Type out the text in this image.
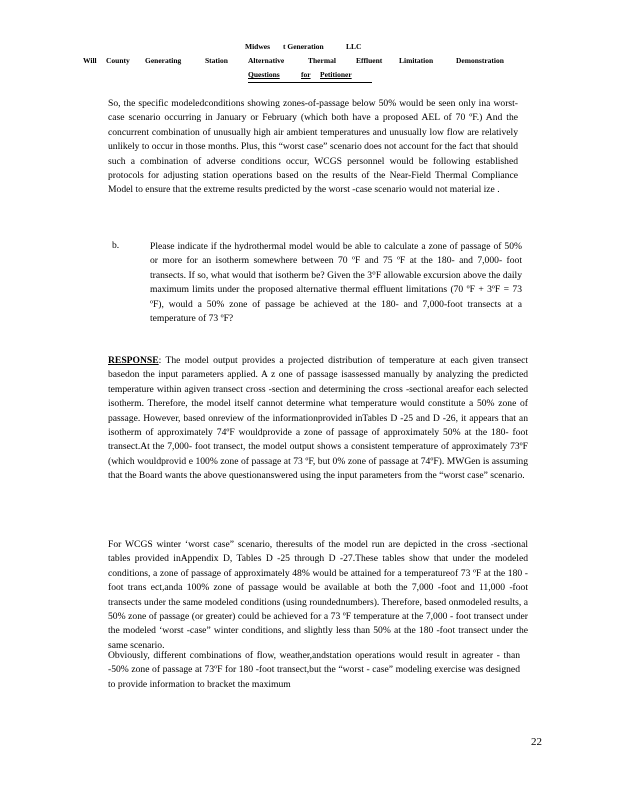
Midwes t Generation	LLC
Will County Generating	Station	Alternative	Thermal	Effluent Limitation	Demonstration
Questions	for Petitioner
So, the specific modeledconditions showing zones-of-passage below 50% would be seen only ina worst- case scenario occurring in January or February (which both have a proposed AEL of 70 ºF.) And the concurrent combination of unusually high air ambient temperatures and unusually low flow are relatively unlikely to occur in those months. Plus, this “worst case” scenario does not account for the fact that should such a combination of adverse conditions occur, WCGS personnel would be following established protocols for adjusting station operations based on the results of the Near-Field Thermal Compliance Model to ensure that the extreme results predicted by the worst -case scenario would not material ize .
b.	Please indicate if the hydrothermal model would be able to calculate a zone of passage of 50% or more for an isotherm somewhere between 70 ºF and 75 ºF at the 180- and 7,000- foot transects. If so, what would that isotherm be? Given the 3°F allowable excursion above the daily maximum limits under the proposed alternative thermal effluent limitations (70 ºF + 3ºF = 73 ºF), would a 50% zone of passage be achieved at the 180- and 7,000-foot transects at a temperature of 73 ºF?
RESPONSE: The model output provides a projected distribution of temperature at each given transect basedon the input parameters applied. A z one of passage isassessed manually by analyzing the predicted temperature within agiven transect cross -section and determining the cross -sectional areafor each selected isotherm. Therefore, the model itself cannot determine what temperature would constitute a 50% zone of passage. However, based onreview of the informationprovided inTables D -25 and D -26, it appears that an isotherm of approximately 74ºF wouldprovide a zone of passage of approximately 50% at the 180- foot transect.At the 7,000- foot transect, the model output shows a consistent temperature of approximately 73ºF (which wouldprovid e 100% zone of passage at 73 ºF, but 0% zone of passage at 74ºF). MWGen is assuming that the Board wants the above questionanswered using the input parameters from the “worst case” scenario.
For WCGS winter ‘worst case” scenario, theresults of the model run are depicted in the cross -sectional tables provided inAppendix D, Tables D -25 through D -27.These tables show that under the modeled conditions, a zone of passage of approximately 48% would be attained for a temperatureof 73 ºF at the 180 -foot trans ect,anda 100% zone of passage would be available at both the 7,000 -foot and 11,000 -foot transects under the same modeled conditions (using roundednumbers). Therefore, based onmodeled results, a 50% zone of passage (or greater) could be achieved for a 73 ºF temperature at the 7,000 - foot transect under the modeled ‘worst -case” winter conditions, and slightly less than 50% at the 180 -foot transect under the same scenario.
Obviously, different combinations of flow, weather,andstation operations would result in agreater - than -50% zone of passage at 73ºF for 180 -foot transect,but the “worst - case” modeling exercise was designed to provide information to bracket the maximum
22
